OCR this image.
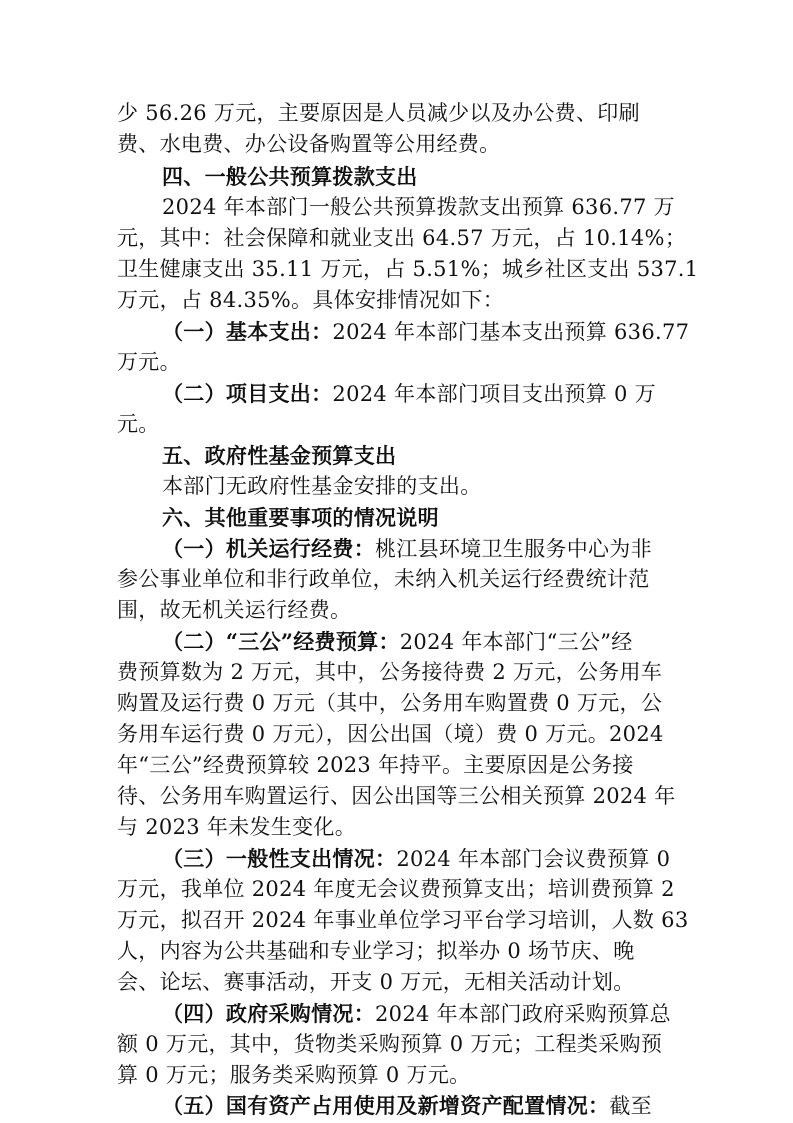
少 56.26 万元，主要原因是人员减少以及办公费、印刷
费、水电费、办公设备购置等公用经费。
四、一般公共预算拨款支出
2024 年本部门一般公共预算拨款支出预算 636.77 万
元，其中：社会保障和就业支出 64.57 万元，占 10.14%；
卫生健康支出 35.11 万元，占 5.51%；城乡社区支出 537.1
万元，占 84.35%。具体安排情况如下：
（一）基本支出：2024 年本部门基本支出预算 636.77
万元。
（二）项目支出：2024 年本部门项目支出预算 0 万
元。
五、政府性基金预算支出
本部门无政府性基金安排的支出。
六、其他重要事项的情况说明
（一）机关运行经费：桃江县环境卫生服务中心为非
参公事业单位和非行政单位，未纳入机关运行经费统计范
围，故无机关运行经费。
（二）“三公”经费预算：2024 年本部门“三公”经
费预算数为 2 万元，其中，公务接待费 2 万元，公务用车
购置及运行费 0 万元（其中，公务用车购置费 0 万元，公
务用车运行费 0 万元），因公出国（境）费 0 万元。2024
年“三公”经费预算较 2023 年持平。主要原因是公务接
待、公务用车购置运行、因公出国等三公相关预算 2024 年
与 2023 年未发生变化。
（三）一般性支出情况：2024 年本部门会议费预算 0
万元，我单位 2024 年度无会议费预算支出；培训费预算 2
万元，拟召开 2024 年事业单位学习平台学习培训，人数 63
人，内容为公共基础和专业学习；拟举办 0 场节庆、晚
会、论坛、赛事活动，开支 0 万元，无相关活动计划。
（四）政府采购情况：2024 年本部门政府采购预算总
额 0 万元，其中，货物类采购预算 0 万元；工程类采购预
算 0 万元；服务类采购预算 0 万元。
（五）国有资产占用使用及新增资产配置情况：截至
